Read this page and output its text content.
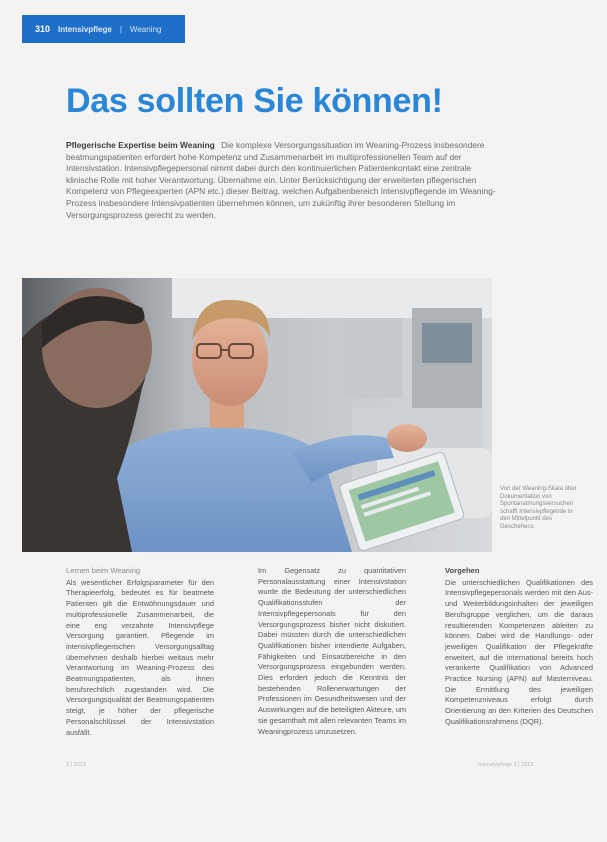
310 Intensivpflege | Weaning
Das sollten Sie können!
Pflegerische Expertise beim Weaning Die komplexe Versorgungssituation im Weaning-Prozess insbesondere beatmungspatienten erfordert hohe Kompetenz und Zusammenarbeit im multiprofessionellen Team auf der Intensivstation. Intensivpflegepersonal nimmt dabei durch den kontinuierlichen Patientenkontakt eine zentrale klinische Rolle mit hoher Verantwortung. Übernahme ein. Unter Berücksichtigung der erweiterten pflegerischen Kompetenz von Pflegeexperten (APN etc.) dieser Beitrag, welchen Aufgabenbereich Intensivpflegende im Weaning-Prozess insbesondere Intensivpatienten übernehmen können, um zukünftig ihrer besonderen Stellung im Versorgungsprozess gerecht zu werden.
Von der Weaning-Skala über Dokumentation von Spontanatmungsversuchen schafft Intensivpflegende in den Mittelpunkt des Geschehens
Lernen beim Weaning
Als wesentlicher Erfolgsparameter für den Therapieerfolg, bedeutet es für beatmete Patienten gilt die Entwöhnungsdauer und multiprofessionelle Zusammenarbeit, die eine eng verzahnte Intensivpflege Versorgung garantiert. Pflegende im intensivpflegerischen Versorgungsalltag übernehmen deshalb hierbei weitaus mehr Verantwortung im Weaning-Prozess des Beatmungspatienten, als ihnen berufsrechtlich zugestanden wird. Die Versorgungsqualität der Beatmungspatienten steigt, je höher der pflegerische Personalschlüssel der Intensivstation ausfällt.
Im Gegensatz zu quantitativen Personalausstattung einer Intensivstation wurde die Bedeutung der unterschiedlichen Qualifikationsstufen der Intensivpflegepersonals für den Versorgungsprozess bisher nicht diskutiert. Dabei müssten durch die unterschiedlichen Qualifikationen bisher intendierte Aufgaben, Fähigkeiten und Einsatzbereiche in den Versorgungsprozess eingebunden werden. Dies erfordert jedoch die Kenntnis der bestehenden Rollenerwartungen der Professionen im Gesundheitswesen und der Auswirkungen auf die beteiligten Akteure, um sie gesamthaft mit allen relevanten Teams im Weaningprozess umzusetzen.
Vorgehen
Die unterschiedlichen Qualifikationen des Intensivpflegepersonals werden mit den Aus- und Weiterbildungsinhalten der jeweiligen Berufsgruppe verglichen, um die daraus resultierenden Kompetenzen ableiten zu können. Dabei wird die Handlungs- oder jeweiligen Qualifikation der Pflegekräfte erweitert, auf die international bereits hoch verankerte Qualifikation von Advanced Practice Nursing (APN) auf Masterniveau. Die Ermittlung des jeweiligen Kompetenzniveaus erfolgt durch Orientierung an den Kriterien des Deutschen Qualifikationsrahmens (DQR).
3 | 2013	Intensivpflege 3 | 2013
